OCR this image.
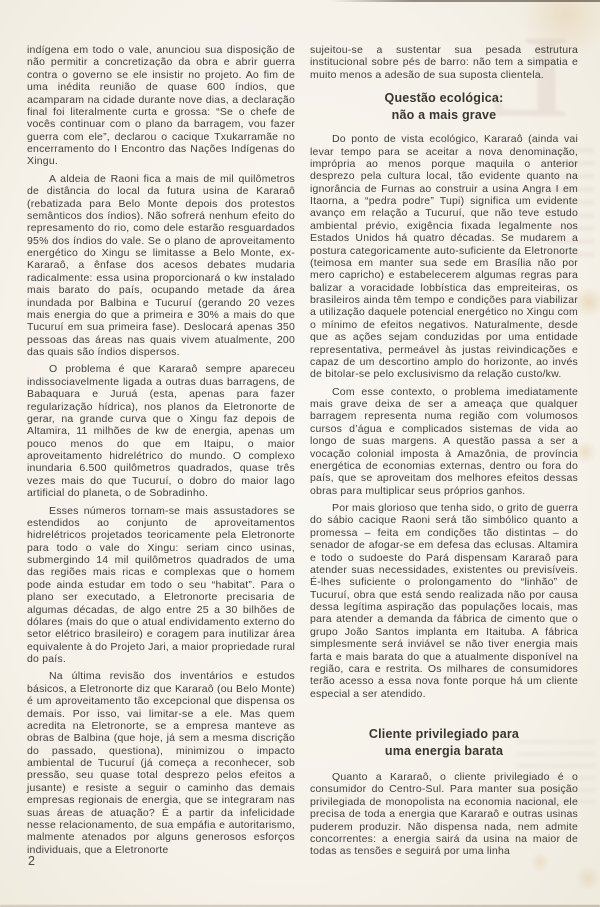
L

indígena em todo o vale, anunciou sua disposição de não permitir a concretização da obra e abrir guerra contra o governo se ele insistir no projeto. Ao fim de uma inédita reunião de quase 600 índios, que acamparam na cidade durante nove dias, a declaração final foi literalmente curta e grossa: “Se o chefe de vocês continuar com o plano da barragem, vou fazer guerra com ele”, declarou o cacique Txukarramãe no encerramento do I Encontro das Nações Indígenas do Xingu.

A aldeia de Raoni fica a mais de mil quilômetros de distância do local da futura usina de Kararaô (rebatizada para Belo Monte depois dos protestos semânticos dos índios). Não sofrerá nenhum efeito do represamento do rio, como dele estarão resguardados 95% dos índios do vale. Se o plano de aproveitamento energético do Xingu se limitasse a Belo Monte, ex-Kararaô, a ênfase dos acesos debates mudaria radicalmente: essa usina proporcionará o kw instalado mais barato do país, ocupando metade da área inundada por Balbina e Tucuruí (gerando 20 vezes mais energia do que a primeira e 30% a mais do que Tucuruí em sua primeira fase). Deslocará apenas 350 pessoas das áreas nas quais vivem atualmente, 200 das quais são índios dispersos.

O problema é que Kararaô sempre apareceu indissociavelmente ligada a outras duas barragens, de Babaquara e Juruá (esta, apenas para fazer regularização hídrica), nos planos da Eletronorte de gerar, na grande curva que o Xingu faz depois de Altamira, 11 milhões de kw de energia, apenas um pouco menos do que em Itaipu, o maior aproveitamento hidrelétrico do mundo. O complexo inundaria 6.500 quilômetros quadrados, quase três vezes mais do que Tucuruí, o dobro do maior lago artificial do planeta, o de Sobradinho.

Esses números tornam-se mais assustadores se estendidos ao conjunto de aproveitamentos hidrelétricos projetados teoricamente pela Eletronorte para todo o vale do Xingu: seriam cinco usinas, submergindo 14 mil quilômetros quadrados de uma das regiões mais ricas e complexas que o homem pode ainda estudar em todo o seu “habitat”. Para o plano ser executado, a Eletronorte precisaria de algumas décadas, de algo entre 25 a 30 bilhões de dólares (mais do que o atual endividamento externo do setor elétrico brasileiro) e coragem para inutilizar área equivalente à do Projeto Jari, a maior propriedade rural do país.

Na última revisão dos inventários e estudos básicos, a Eletronorte diz que Kararaô (ou Belo Monte) é um aproveitamento tão excepcional que dispensa os demais. Por isso, vai limitar-se a ele. Mas quem acredita na Eletronorte, se a empresa manteve as obras de Balbina (que hoje, já sem a mesma discrição do passado, questiona), minimizou o impacto ambiental de Tucuruí (já começa a reconhecer, sob pressão, seu quase total desprezo pelos efeitos a jusante) e resiste a seguir o caminho das demais empresas regionais de energia, que se integraram nas suas áreas de atuação? É a partir da infelicidade nesse relacionamento, de sua empáfia e autoritarismo, malmente atenados por alguns generosos esforços individuais, que a Eletronorte

sujeitou-se a sustentar sua pesada estrutura institucional sobre pés de barro: não tem a simpatia e muito menos a adesão de sua suposta clientela.

Questão ecológica:
não a mais grave

Do ponto de vista ecológico, Kararaô (ainda vai levar tempo para se aceitar a nova denominação, imprópria ao menos porque maquila o anterior desprezo pela cultura local, tão evidente quanto na ignorância de Furnas ao construir a usina Angra I em Itaorna, a “pedra podre” Tupi) significa um evidente avanço em relação a Tucuruí, que não teve estudo ambiental prévio, exigência fixada legalmente nos Estados Unidos há quatro décadas. Se mudarem a postura categoricamente auto-suficiente da Eletronorte (teimosa em manter sua sede em Brasília não por mero capricho) e estabelecerem algumas regras para balizar a voracidade lobbística das empreiteiras, os brasileiros ainda têm tempo e condições para viabilizar a utilização daquele potencial energético no Xingu com o mínimo de efeitos negativos. Naturalmente, desde que as ações sejam conduzidas por uma entidade representativa, permeável às justas reivindicações e capaz de um descortino amplo do horizonte, ao invés de bitolar-se pelo exclusivismo da relação custo/kw.

Com esse contexto, o problema imediatamente mais grave deixa de ser a ameaça que qualquer barragem representa numa região com volumosos cursos d’água e complicados sistemas de vida ao longo de suas margens. A questão passa a ser a vocação colonial imposta à Amazônia, de província energética de economias externas, dentro ou fora do país, que se aproveitam dos melhores efeitos dessas obras para multiplicar seus próprios ganhos.

Por mais glorioso que tenha sido, o grito de guerra do sábio cacique Raoni será tão simbólico quanto a promessa – feita em condições tão distintas – do senador de afogar-se em defesa das eclusas. Altamira e todo o sudoeste do Pará dispensam Kararaô para atender suas necessidades, existentes ou previsíveis. É-lhes suficiente o prolongamento do “linhão” de Tucuruí, obra que está sendo realizada não por causa dessa legítima aspiração das populações locais, mas para atender a demanda da fábrica de cimento que o grupo João Santos implanta em Itaituba. A fábrica simplesmente será inviável se não tiver energia mais farta e mais barata do que a atualmente disponível na região, cara e restrita. Os milhares de consumidores terão acesso a essa nova fonte porque há um cliente especial a ser atendido.

Cliente privilegiado para
uma energia barata

Quanto a Kararaô, o cliente privilegiado é o consumidor do Centro-Sul. Para manter sua posição privilegiada de monopolista na economia nacional, ele precisa de toda a energia que Kararaô e outras usinas puderem produzir. Não dispensa nada, nem admite concorrentes: a energia sairá da usina na maior de todas as tensões e seguirá por uma linha

2
